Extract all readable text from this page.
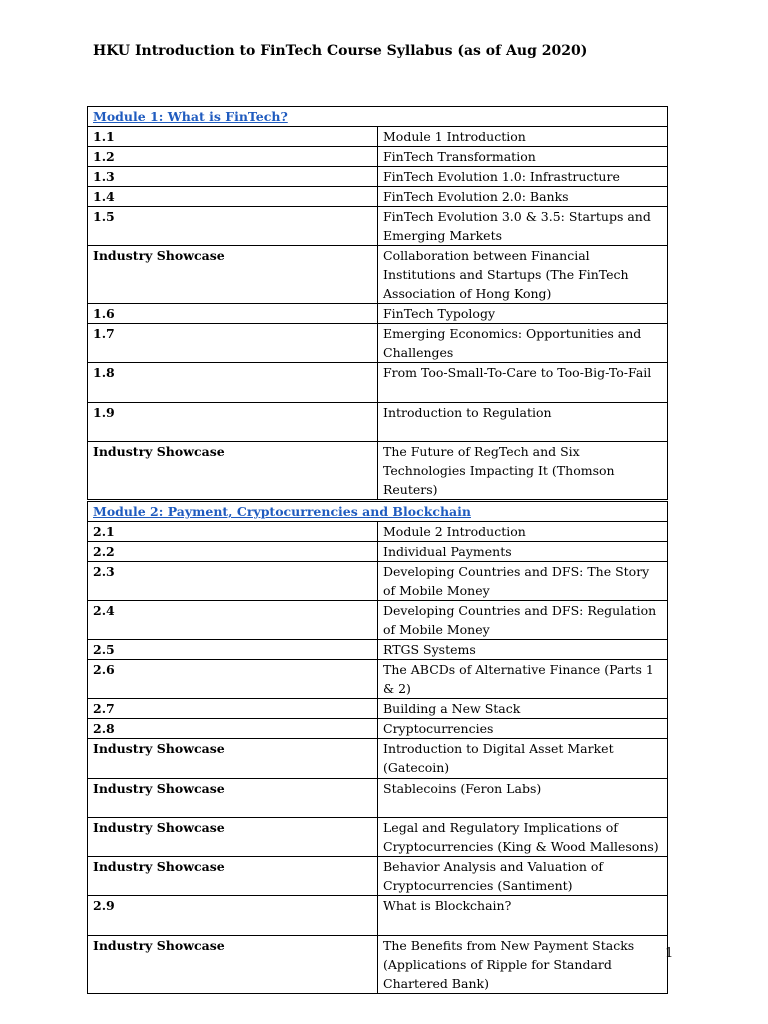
HKU Introduction to FinTech Course Syllabus (as of Aug 2020)
Module 1: What is FinTech?	
1.1	Module 1 Introduction
1.2	FinTech Transformation
1.3	FinTech Evolution 1.0: Infrastructure
1.4	FinTech Evolution 2.0: Banks
1.5	FinTech Evolution 3.0 & 3.5: Startups and Emerging Markets
Industry Showcase	Collaboration between Financial Institutions and Startups (The FinTech Association of Hong Kong)
1.6	FinTech Typology
1.7	Emerging Economics: Opportunities and Challenges
1.8	From Too-Small-To-Care to Too-Big-To-Fail
1.9	Introduction to Regulation
Industry Showcase	The Future of RegTech and Six Technologies Impacting It (Thomson Reuters)
Module 2: Payment, Cryptocurrencies and Blockchain	
2.1	Module 2 Introduction
2.2	Individual Payments
2.3	Developing Countries and DFS: The Story of Mobile Money
2.4	Developing Countries and DFS: Regulation of Mobile Money
2.5	RTGS Systems
2.6	The ABCDs of Alternative Finance (Parts 1 & 2)
2.7	Building a New Stack
2.8	Cryptocurrencies
Industry Showcase	Introduction to Digital Asset Market (Gatecoin)
Industry Showcase	Stablecoins (Feron Labs)
Industry Showcase	Legal and Regulatory Implications of Cryptocurrencies (King & Wood Mallesons)
Industry Showcase	Behavior Analysis and Valuation of Cryptocurrencies (Santiment)
2.9	What is Blockchain?
Industry Showcase	The Benefits from New Payment Stacks (Applications of Ripple for Standard Chartered Bank)
1
